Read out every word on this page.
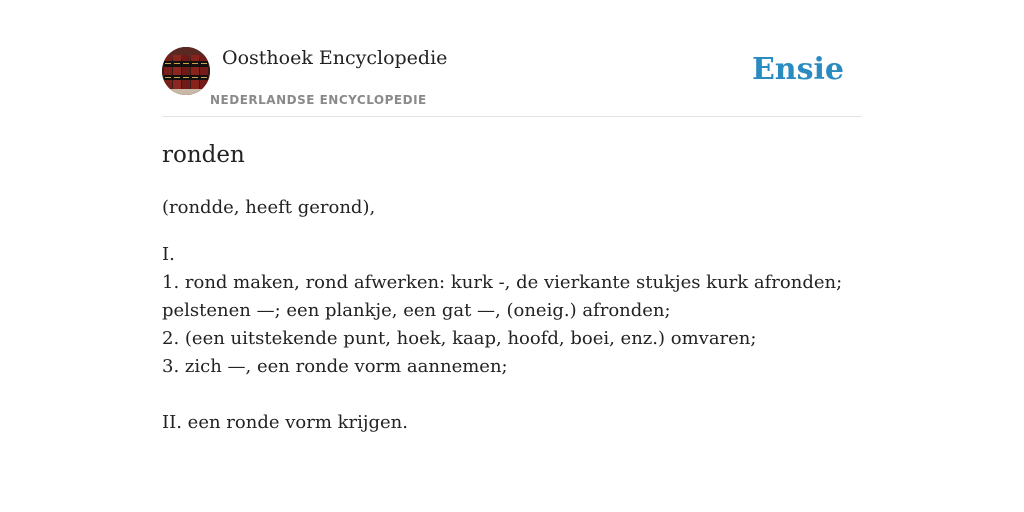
Oosthoek Encyclopedie
NEDERLANDSE ENCYCLOPEDIE
Ensie
ronden
(rondde, heeft gerond),
I.
1. rond maken, rond afwerken: kurk -, de vierkante stukjes kurk afronden;
pelstenen —; een plankje, een gat —, (oneig.) afronden;
2. (een uitstekende punt, hoek, kaap, hoofd, boei, enz.) omvaren;
3. zich —, een ronde vorm aannemen;
II. een ronde vorm krijgen.
